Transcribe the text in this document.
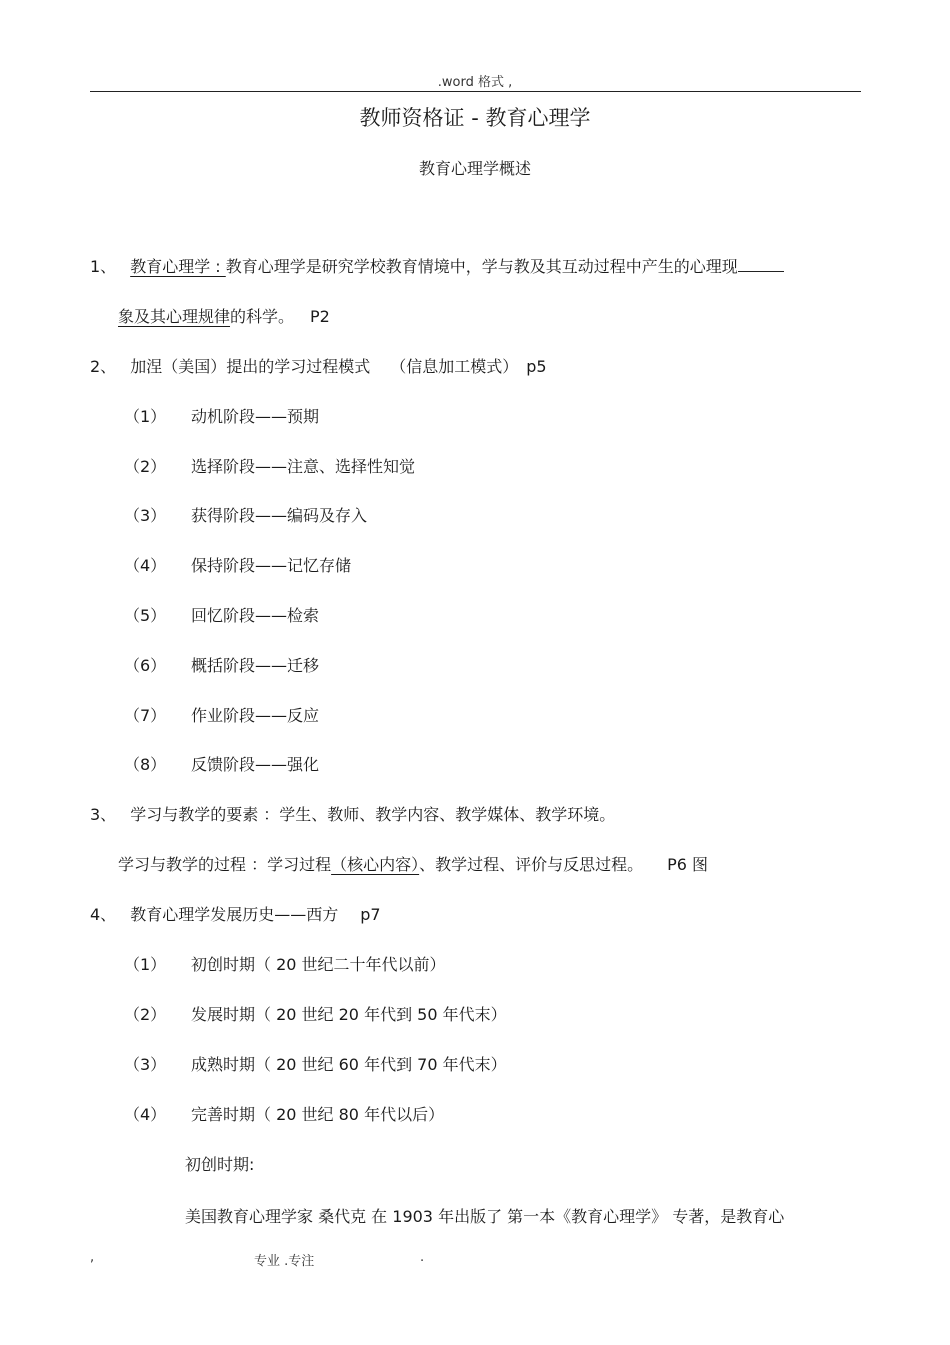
.word 格式 ,
教师资格证 - 教育心理学
教育心理学概述
1、 教育心理学 : 教育心理学是研究学校教育情境中，学与教及其互动过程中产生的心理现
象及其心理规律的科学。 P2
2、 加涅（美国）提出的学习过程模式 （信息加工模式） p5
（1） 动机阶段——预期
（2） 选择阶段——注意、选择性知觉
（3） 获得阶段——编码及存入
（4） 保持阶段——记忆存储
（5） 回忆阶段——检索
（6） 概括阶段——迁移
（7） 作业阶段——反应
（8） 反馈阶段——强化
3、 学习与教学的要素 ：学生、教师、教学内容、教学媒体、教学环境。
学习与教学的过程 ：学习过程（核心内容）、教学过程、评价与反思过程。 P6 图
4、 教育心理学发展历史——西方 p7
（1） 初创时期（ 20 世纪二十年代以前）
（2） 发展时期（ 20 世纪 20 年代到 50 年代末）
（3） 成熟时期（ 20 世纪 60 年代到 70 年代末）
（4） 完善时期（ 20 世纪 80 年代以后）
初创时期:
美国教育心理学家 桑代克 在 1903 年出版了 第一本《教育心理学》 专著，是教育心
,	专业 .专注	.
